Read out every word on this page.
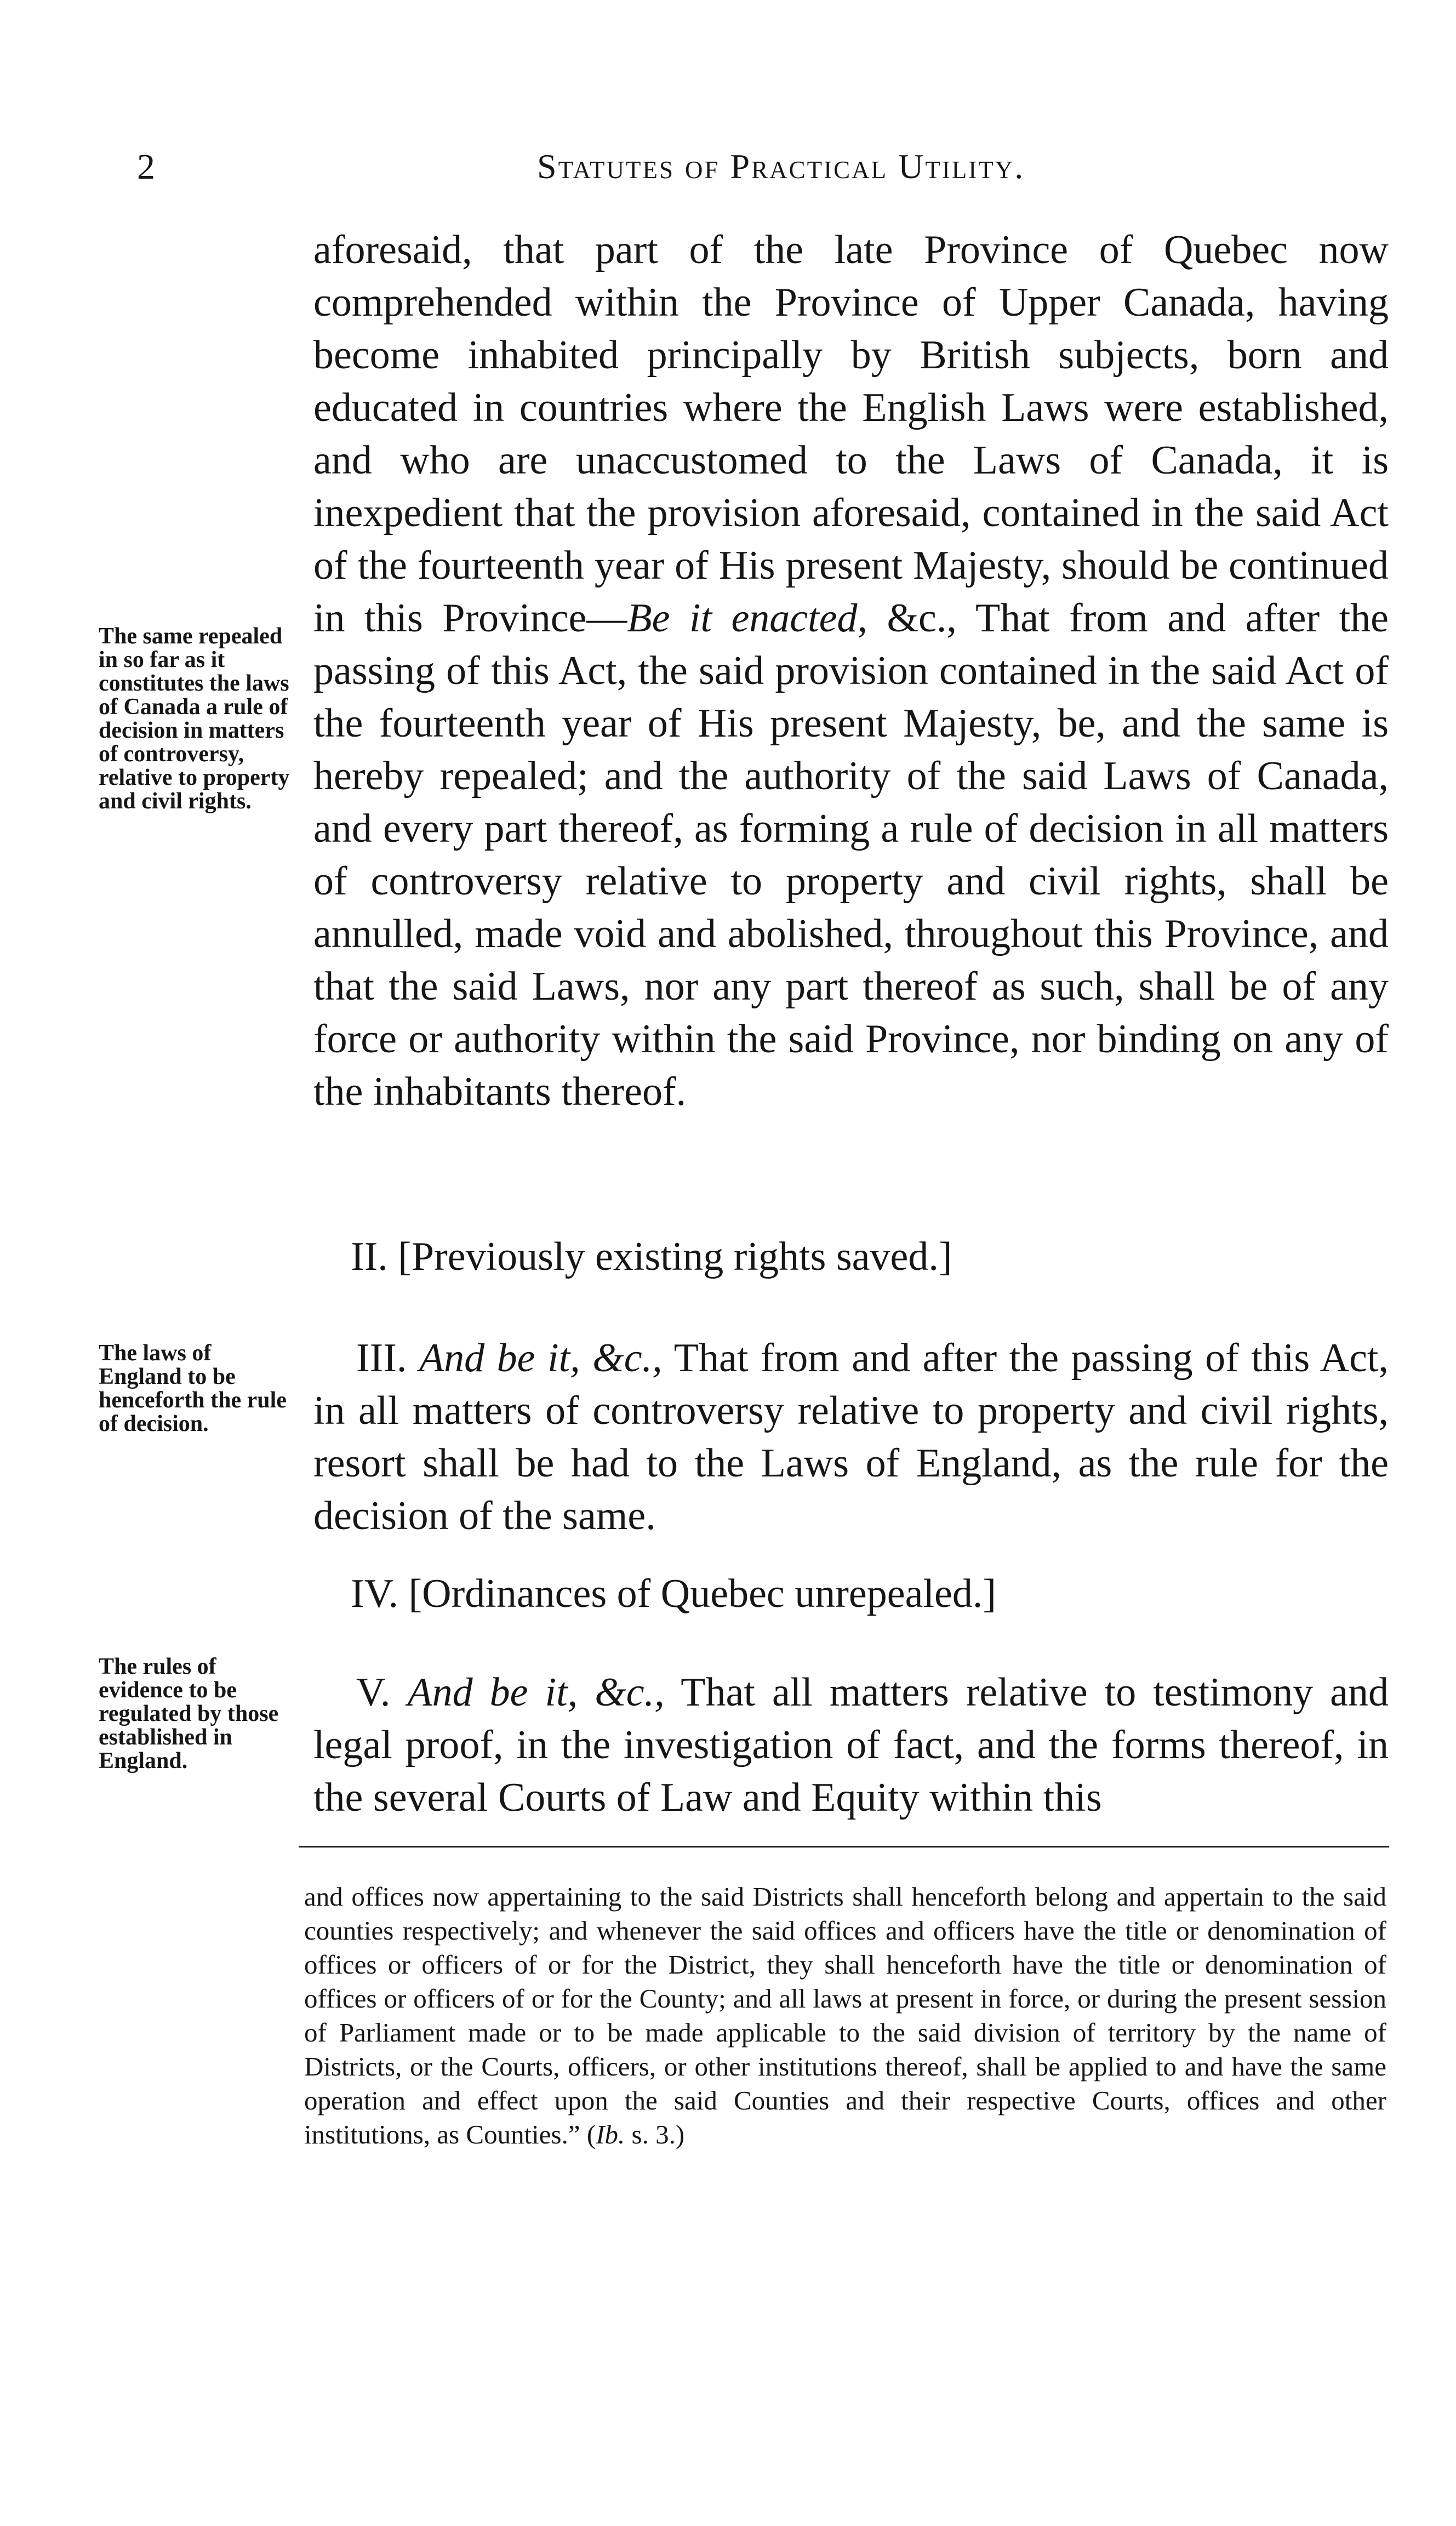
2	Statutes of Practical Utility.

aforesaid, that part of the late Province of Quebec now comprehended within the Province of Upper Canada, having become inhabited principally by British subjects, born and educated in countries where the English Laws were established, and who are unaccustomed to the Laws of Canada, it is inexpedient that the provision aforesaid, contained in the said Act of the fourteenth year of His present Majesty, should be continued in this Province—Be it enacted, &c., That from and after the passing of this Act, the said provision contained in the said Act of the fourteenth year of His present Majesty, be, and the same is hereby repealed; and the authority of the said Laws of Canada, and every part thereof, as forming a rule of decision in all matters of controversy relative to property and civil rights, shall be annulled, made void and abolished, throughout this Province, and that the said Laws, nor any part thereof as such, shall be of any force or authority within the said Province, nor binding on any of the inhabitants thereof.

The same repealed in so far as it constitutes the laws of Canada a rule of decision in matters of controversy, relative to property and civil rights.
II. [Previously existing rights saved.]
The laws of England to be henceforth the rule of decision.

III. And be it, &c., That from and after the passing of this Act, in all matters of controversy relative to property and civil rights, resort shall be had to the Laws of England, as the rule for the decision of the same.

IV. [Ordinances of Quebec unrepealed.]
The rules of evidence to be regulated by those established in England.

V. And be it, &c., That all matters relative to testimony and legal proof, in the investigation of fact, and the forms thereof, in the several Courts of Law and Equity within this

and offices now appertaining to the said Districts shall henceforth belong and appertain to the said counties respectively; and whenever the said offices and officers have the title or denomination of offices or officers of or for the District, they shall henceforth have the title or denomination of offices or officers of or for the County; and all laws at present in force, or during the present session of Parliament made or to be made applicable to the said division of territory by the name of Districts, or the Courts, officers, or other institutions thereof, shall be applied to and have the same operation and effect upon the said Counties and their respective Courts, offices and other institutions, as Counties.” (Ib. s. 3.)
